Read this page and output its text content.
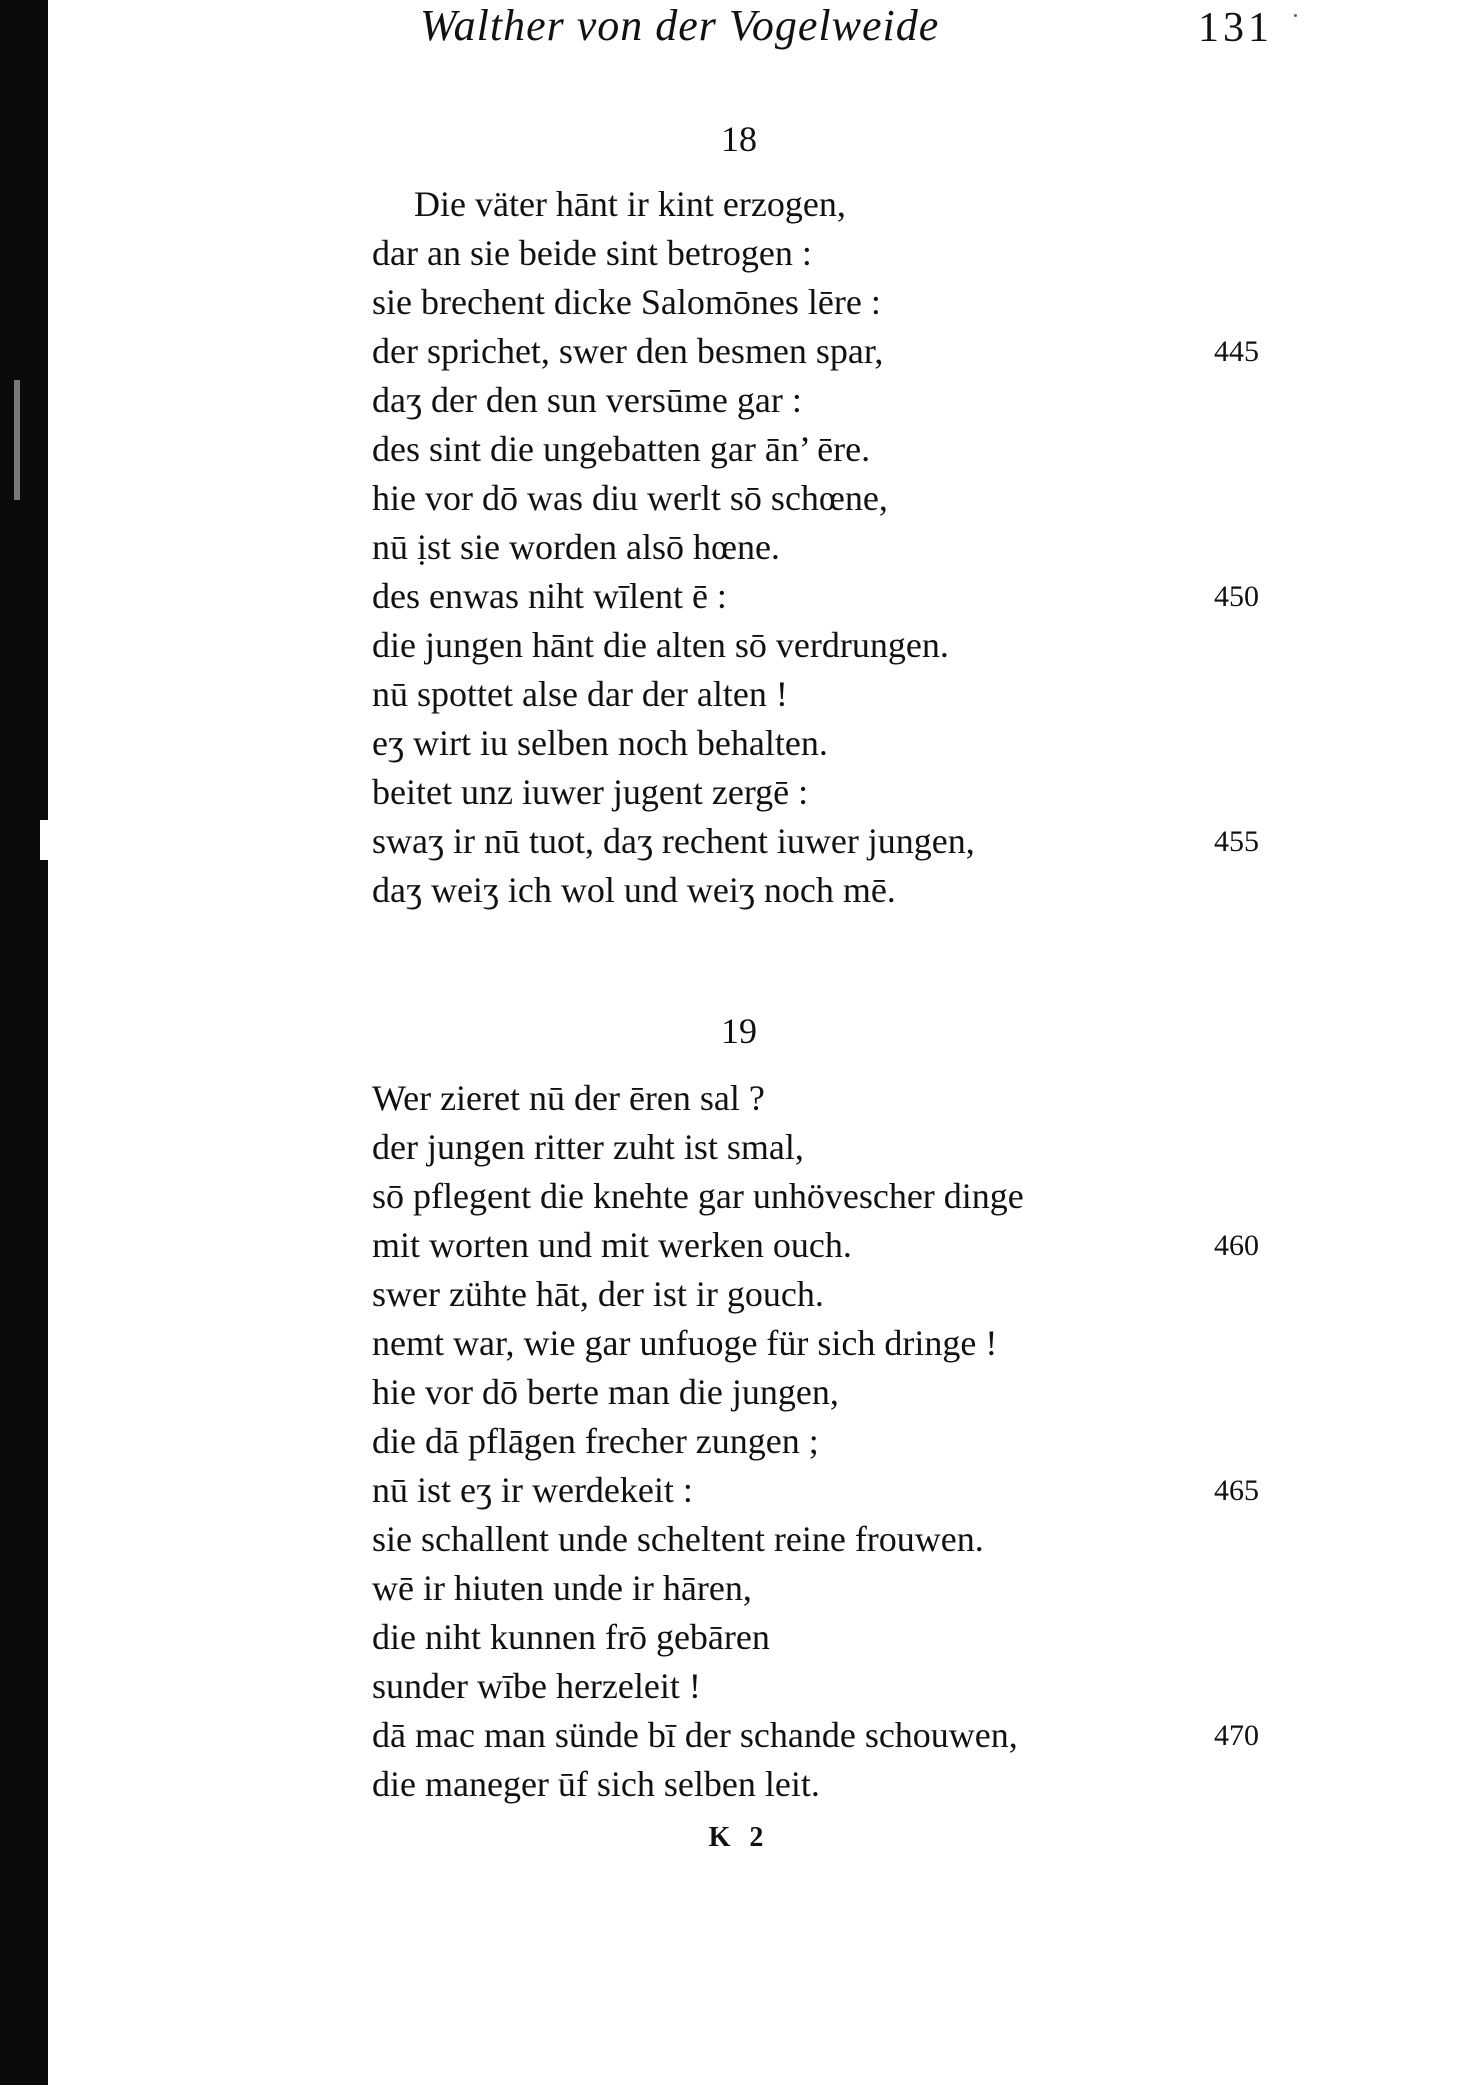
Walther von der Vogelweide	131
18
Die väter hānt ir kint erzogen,
dar an sie beide sint betrogen :
sie brechent dicke Salomōnes lēre :
der sprichet, swer den besmen spar,	445
daʒ der den sun versūme gar :
des sint die ungebatten gar ān’ ēre.
hie vor dō was diu werlt sō schœne,
nū ịst sie worden alsō hœne.
des enwas niht wīlent ē :	450
die jungen hānt die alten sō verdrungen.
nū spottet alse dar der alten !
eʒ wirt iu selben noch behalten.
beitet unz iuwer jugent zergē :
swaʒ ir nū tuot, daʒ rechent iuwer jungen,	455
daʒ weiʒ ich wol und weiʒ noch mē.
19
Wer zieret nū der ēren sal ?
der jungen ritter zuht ist smal,
sō pflegent die knehte gar unhövescher dinge
mit worten und mit werken ouch.	460
swer zühte hāt, der ist ir gouch.
nemt war, wie gar unfuoge für sich dringe !
hie vor dō berte man die jungen,
die dā pflāgen frecher zungen ;
nū ist eʒ ir werdekeit :	465
sie schallent unde scheltent reine frouwen.
wē ir hiuten unde ir hāren,
die niht kunnen frō gebāren
sunder wībe herzeleit !
dā mac man sünde bī der schande schouwen,	470
die maneger ūf sich selben leit.
K 2
